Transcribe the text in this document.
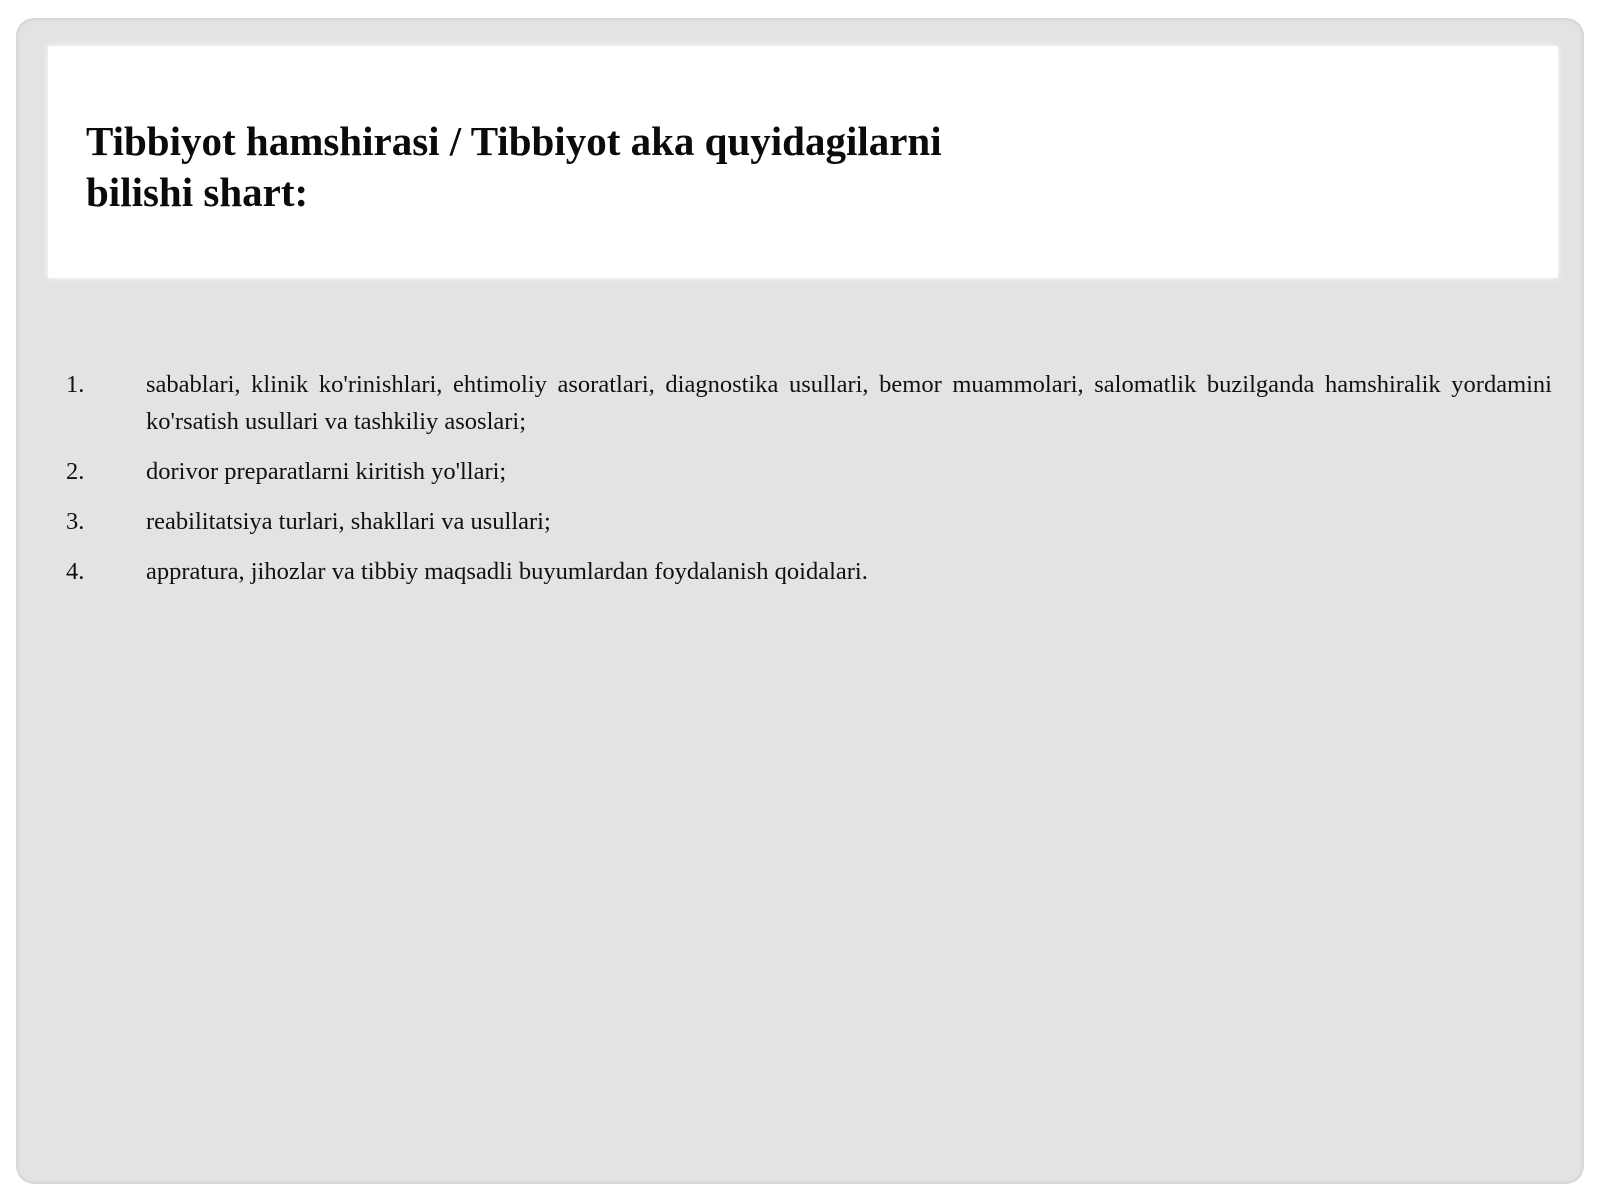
Tibbiyot hamshirasi / Tibbiyot aka quyidagilarni bilishi shart:
1.	sabablari, klinik ko'rinishlari, ehtimoliy asoratlari, diagnostika usullari, bemor muammolari, salomatlik buzilganda hamshiralik yordamini ko'rsatish usullari va tashkiliy asoslari;
2.	dorivor preparatlarni kiritish yo'llari;
3.	reabilitatsiya turlari, shakllari va usullari;
4.	appratura, jihozlar va tibbiy maqsadli buyumlardan foydalanish qoidalari.
